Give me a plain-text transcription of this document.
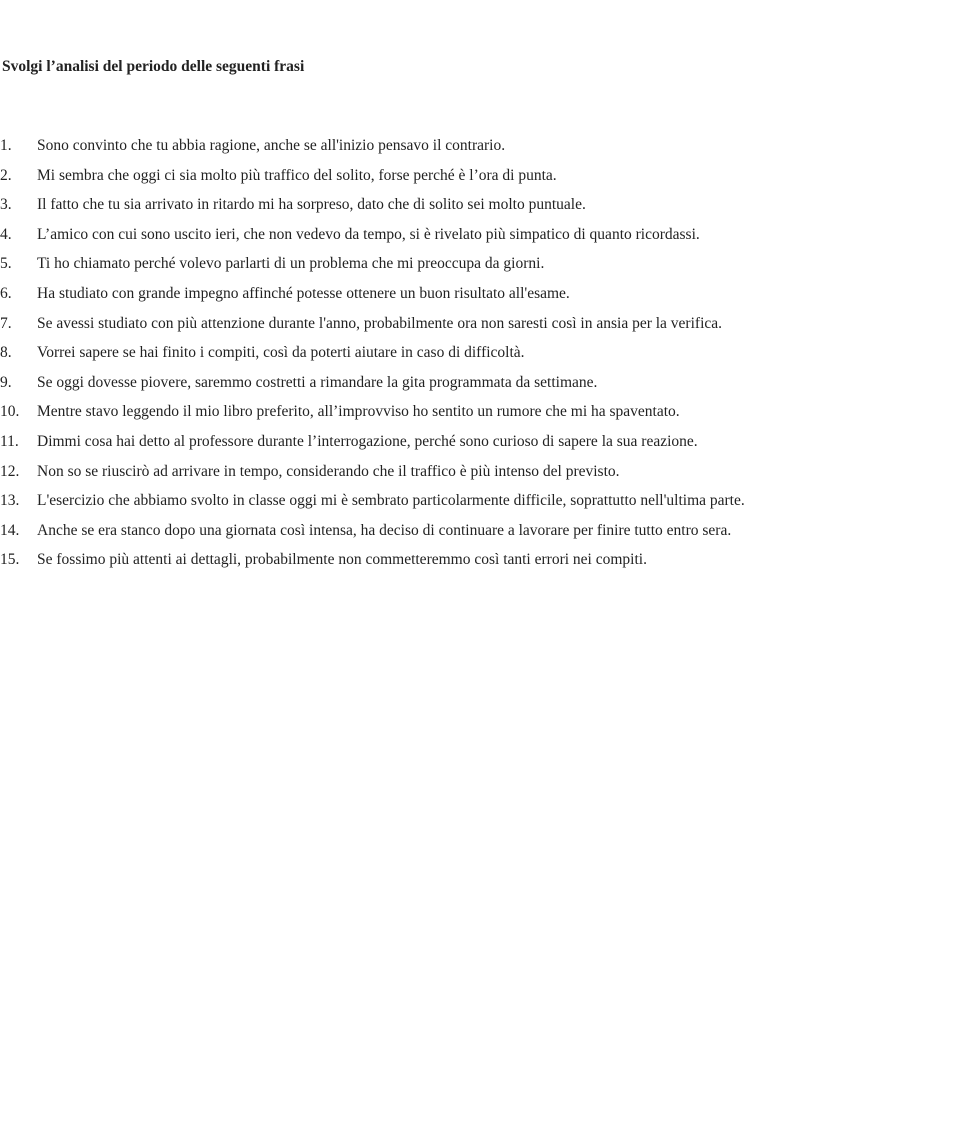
Svolgi l’analisi del periodo delle seguenti frasi
1.	Sono convinto che tu abbia ragione, anche se all'inizio pensavo il contrario.
2.	Mi sembra che oggi ci sia molto più traffico del solito, forse perché è l’ora di punta.
3.	Il fatto che tu sia arrivato in ritardo mi ha sorpreso, dato che di solito sei molto puntuale.
4.	L’amico con cui sono uscito ieri, che non vedevo da tempo, si è rivelato più simpatico di quanto ricordassi.
5.	Ti ho chiamato perché volevo parlarti di un problema che mi preoccupa da giorni.
6.	Ha studiato con grande impegno affinché potesse ottenere un buon risultato all'esame.
7.	Se avessi studiato con più attenzione durante l'anno, probabilmente ora non saresti così in ansia per la verifica.
8.	Vorrei sapere se hai finito i compiti, così da poterti aiutare in caso di difficoltà.
9.	Se oggi dovesse piovere, saremmo costretti a rimandare la gita programmata da settimane.
10.	Mentre stavo leggendo il mio libro preferito, all’improvviso ho sentito un rumore che mi ha spaventato.
11.	Dimmi cosa hai detto al professore durante l’interrogazione, perché sono curioso di sapere la sua reazione.
12.	Non so se riuscirò ad arrivare in tempo, considerando che il traffico è più intenso del previsto.
13.	L'esercizio che abbiamo svolto in classe oggi mi è sembrato particolarmente difficile, soprattutto nell'ultima parte.
14.	Anche se era stanco dopo una giornata così intensa, ha deciso di continuare a lavorare per finire tutto entro sera.
15.	Se fossimo più attenti ai dettagli, probabilmente non commetteremmo così tanti errori nei compiti.
